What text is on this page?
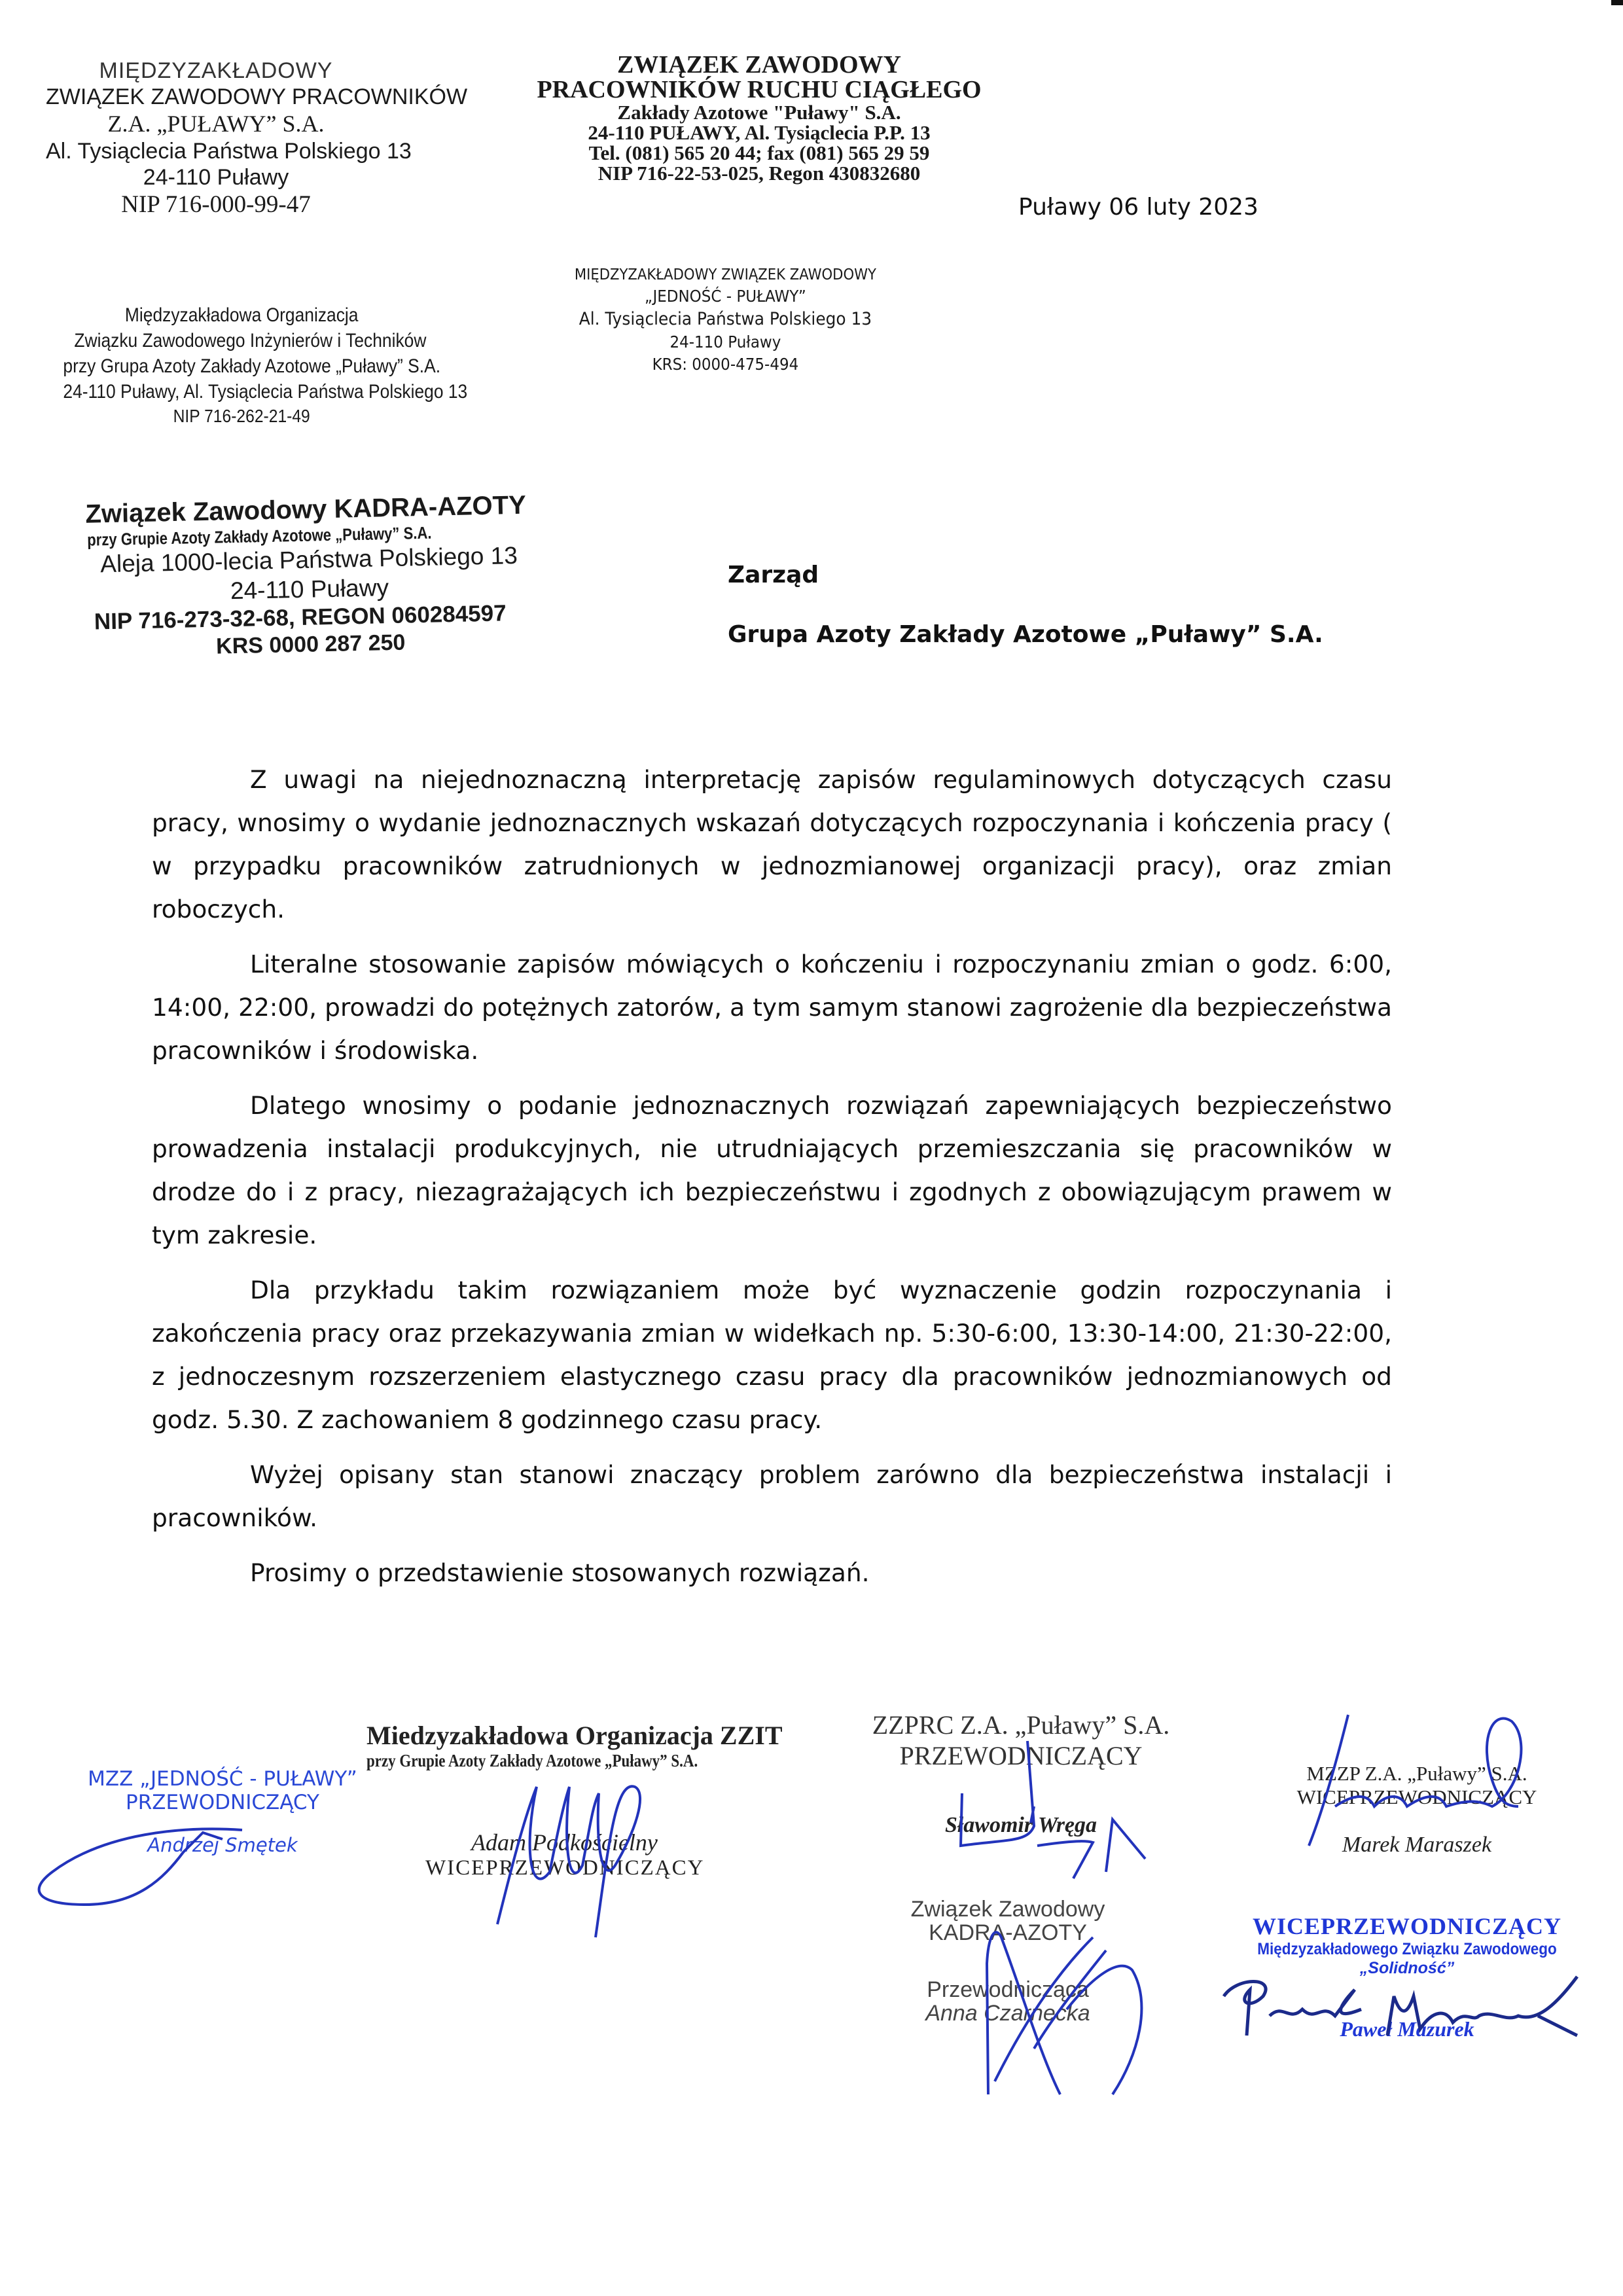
MIĘDZYZAKŁADOWY
ZWIĄZEK ZAWODOWY PRACOWNIKÓW
Z.A. „PUŁAWY” S.A.
Al. Tysiąclecia Państwa Polskiego 13
24-110 Puławy
NIP 716-000-99-47
ZWIĄZEK ZAWODOWY
PRACOWNIKÓW RUCHU CIĄGŁEGO
Zakłady Azotowe "Puławy" S.A.
24-110 PUŁAWY, Al. Tysiąclecia P.P. 13
Tel. (081) 565 20 44; fax (081) 565 29 59
NIP 716-22-53-025, Regon 430832680
Puławy 06 luty 2023
Międzyzakładowa Organizacja
Związku Zawodowego Inżynierów i Techników
przy Grupa Azoty Zakłady Azotowe „Puławy” S.A.
24-110 Puławy, Al. Tysiąclecia Państwa Polskiego 13
NIP 716-262-21-49
MIĘDZYZAKŁADOWY ZWIĄZEK ZAWODOWY
„JEDNOŚĆ - PUŁAWY”
Al. Tysiąclecia Państwa Polskiego 13
24-110 Puławy
KRS: 0000-475-494
Związek Zawodowy KADRA-AZOTY
przy Grupie Azoty Zakłady Azotowe „Puławy” S.A.
Aleja 1000-lecia Państwa Polskiego 13
24-110 Puławy
NIP 716-273-32-68, REGON 060284597
KRS 0000 287 250
Zarząd
Grupa Azoty Zakłady Azotowe „Puławy” S.A.

Z uwagi na niejednoznaczną interpretację zapisów regulaminowych dotyczących czasu pracy, wnosimy o wydanie jednoznacznych wskazań dotyczących rozpoczynania i kończenia pracy ( w przypadku pracowników zatrudnionych w jednozmianowej organizacji pracy), oraz zmian roboczych.

Literalne stosowanie zapisów mówiących o kończeniu i rozpoczynaniu zmian o godz. 6:00, 14:00, 22:00, prowadzi do potężnych zatorów, a tym samym stanowi zagrożenie dla bezpieczeństwa pracowników i środowiska.

Dlatego wnosimy o podanie jednoznacznych rozwiązań zapewniających bezpieczeństwo prowadzenia instalacji produkcyjnych, nie utrudniających przemieszczania się pracowników w drodze do i z pracy, niezagrażających ich bezpieczeństwu i zgodnych z obowiązującym prawem w tym zakresie.

Dla przykładu takim rozwiązaniem może być wyznaczenie godzin rozpoczynania i zakończenia pracy oraz przekazywania zmian w widełkach np. 5:30-6:00, 13:30-14:00, 21:30-22:00, z jednoczesnym rozszerzeniem elastycznego czasu pracy dla pracowników jednozmianowych od godz. 5.30. Z zachowaniem 8 godzinnego czasu pracy.

Wyżej opisany stan stanowi znaczący problem zarówno dla bezpieczeństwa instalacji i pracowników.

Prosimy o przedstawienie stosowanych rozwiązań.

MZZ „JEDNOŚĆ - PUŁAWY”
PRZEWODNICZĄCY
Andrzej Smętek
Miedzyzakładowa Organizacja ZZIT
przy Grupie Azoty Zakłady Azotowe „Puławy” S.A.
Adam Podkościelny
WICEPRZEWODNICZĄCY
ZZPRC Z.A. „Puławy” S.A.
PRZEWODNICZĄCY
Sławomir Wręga
Związek Zawodowy
KADRA-AZOTY
Przewodnicząca
Anna Czarnecka
MZZP Z.A. „Puławy” S.A.
WICEPRZEWODNICZĄCY
Marek Maraszek
WICEPRZEWODNICZĄCY
Międzyzakładowego Związku Zawodowego
„Solidność”
Paweł Mazurek
